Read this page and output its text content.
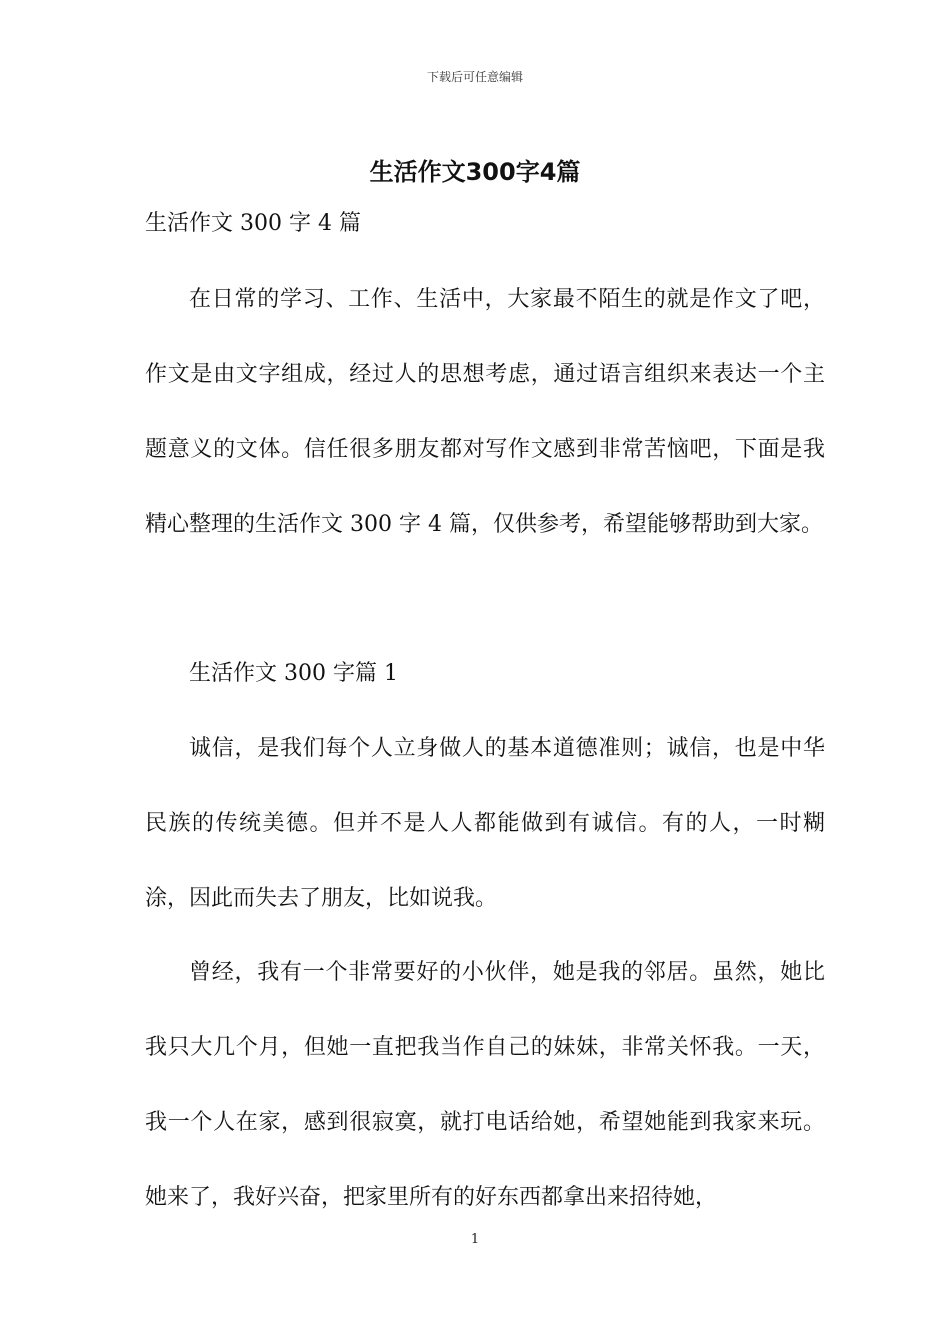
下载后可任意编辑
生活作文300字4篇
生活作文 300 字 4 篇

在日常的学习、工作、生活中，大家最不陌生的就是作文了吧，作文是由文字组成，经过人的思想考虑，通过语言组织来表达一个主题意义的文体。信任很多朋友都对写作文感到非常苦恼吧，下面是我精心整理的生活作文 300 字 4 篇，仅供参考，希望能够帮助到大家。

生活作文 300 字篇 1

诚信，是我们每个人立身做人的基本道德准则；诚信，也是中华民族的传统美德。但并不是人人都能做到有诚信。有的人，一时糊涂，因此而失去了朋友，比如说我。

曾经，我有一个非常要好的小伙伴，她是我的邻居。虽然，她比我只大几个月，但她一直把我当作自己的妹妹，非常关怀我。一天，我一个人在家，感到很寂寞，就打电话给她，希望她能到我家来玩。她来了，我好兴奋，把家里所有的好东西都拿出来招待她，

1
